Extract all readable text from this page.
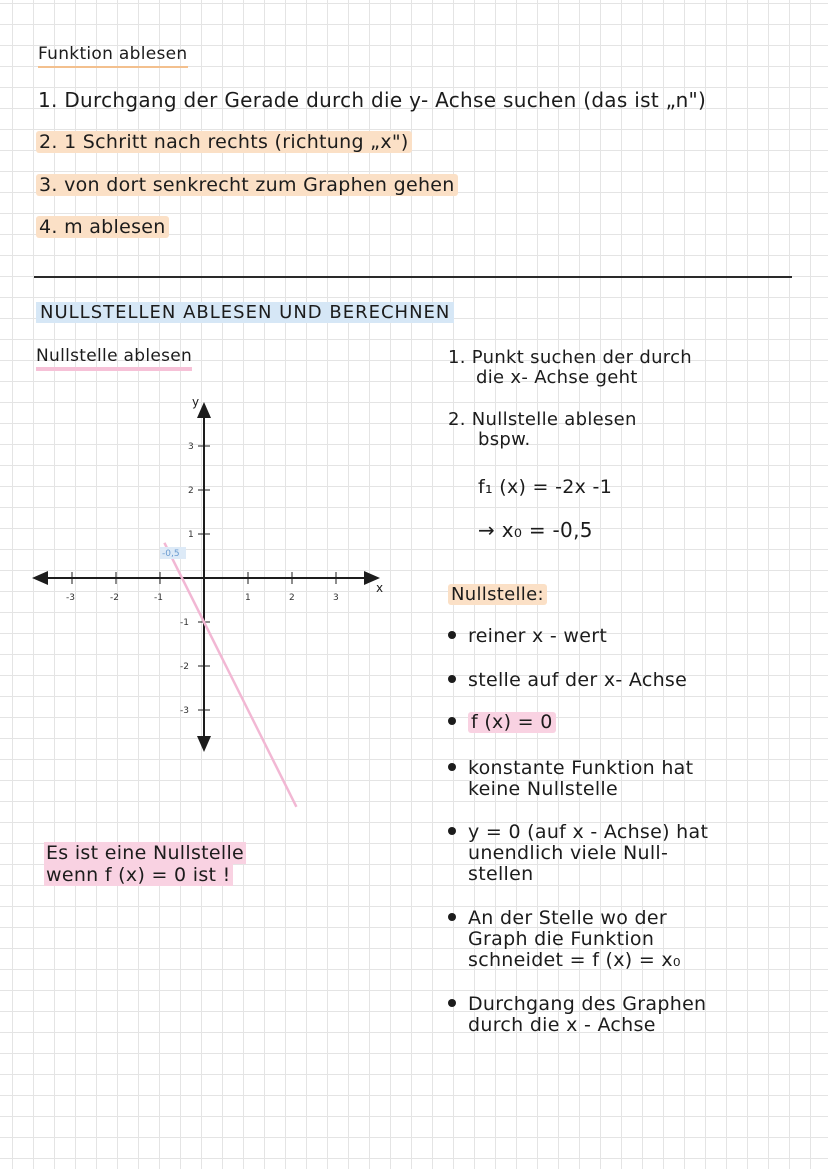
Funktion ablesen
1. Durchgang der Gerade durch die y- Achse suchen (das ist „n")
2. 1 Schritt nach rechts (richtung „x")
3. von dort senkrecht zum Graphen gehen
4. m ablesen
NULLSTELLEN ABLESEN UND BERECHNEN
Nullstelle ablesen
x
y
-3	-2	-1	1	2	3
3
2
1
-1
-2
-3
-0,5
1. Punkt suchen der durch
die x- Achse geht
2. Nullstelle ablesen
bspw.
f₁ (x) = -2x -1
→ x₀ = -0,5
Nullstelle:
reiner x - wert
stelle auf der x- Achse
f (x) = 0
konstante Funktion hat
keine Nullstelle
y = 0 (auf x - Achse) hat
unendlich viele Null-
stellen
An der Stelle wo der
Graph die Funktion
schneidet = f (x) = x₀
Durchgang des Graphen
durch die x - Achse
Es ist eine Nullstelle
wenn f (x) = 0 ist !
